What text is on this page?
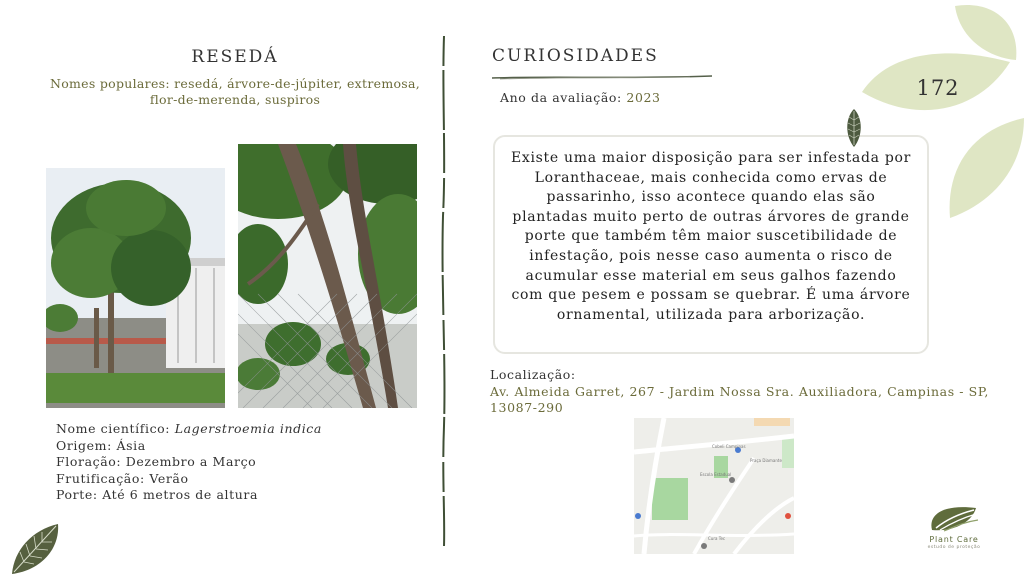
RESEDÁ
Nomes populares: resedá, árvore-de-júpiter, extremosa, flor-de-merenda, suspiros
Nome científico: Lagerstroemia indica
Origem: Ásia
Floração: Dezembro a Março
Frutificação: Verão
Porte: Até 6 metros de altura
CURIOSIDADES
Ano da avaliação: 2023
Existe uma maior disposição para ser infestada por Loranthaceae, mais conhecida como ervas de passarinho, isso acontece quando elas são plantadas muito perto de outras árvores de grande porte que também têm maior suscetibilidade de infestação, pois nesse caso aumenta o risco de acumular esse material em seus galhos fazendo com que pesem e possam se quebrar. É uma árvore ornamental, utilizada para arborização.
Localização:
Av. Almeida Garret, 267 - Jardim Nossa Sra. Auxiliadora, Campinas - SP, 13087-290
Cobeli Campinas
Praça Diamante
Escola Estadual
Cura Tec
172
Plant Care
estudo de proteção
